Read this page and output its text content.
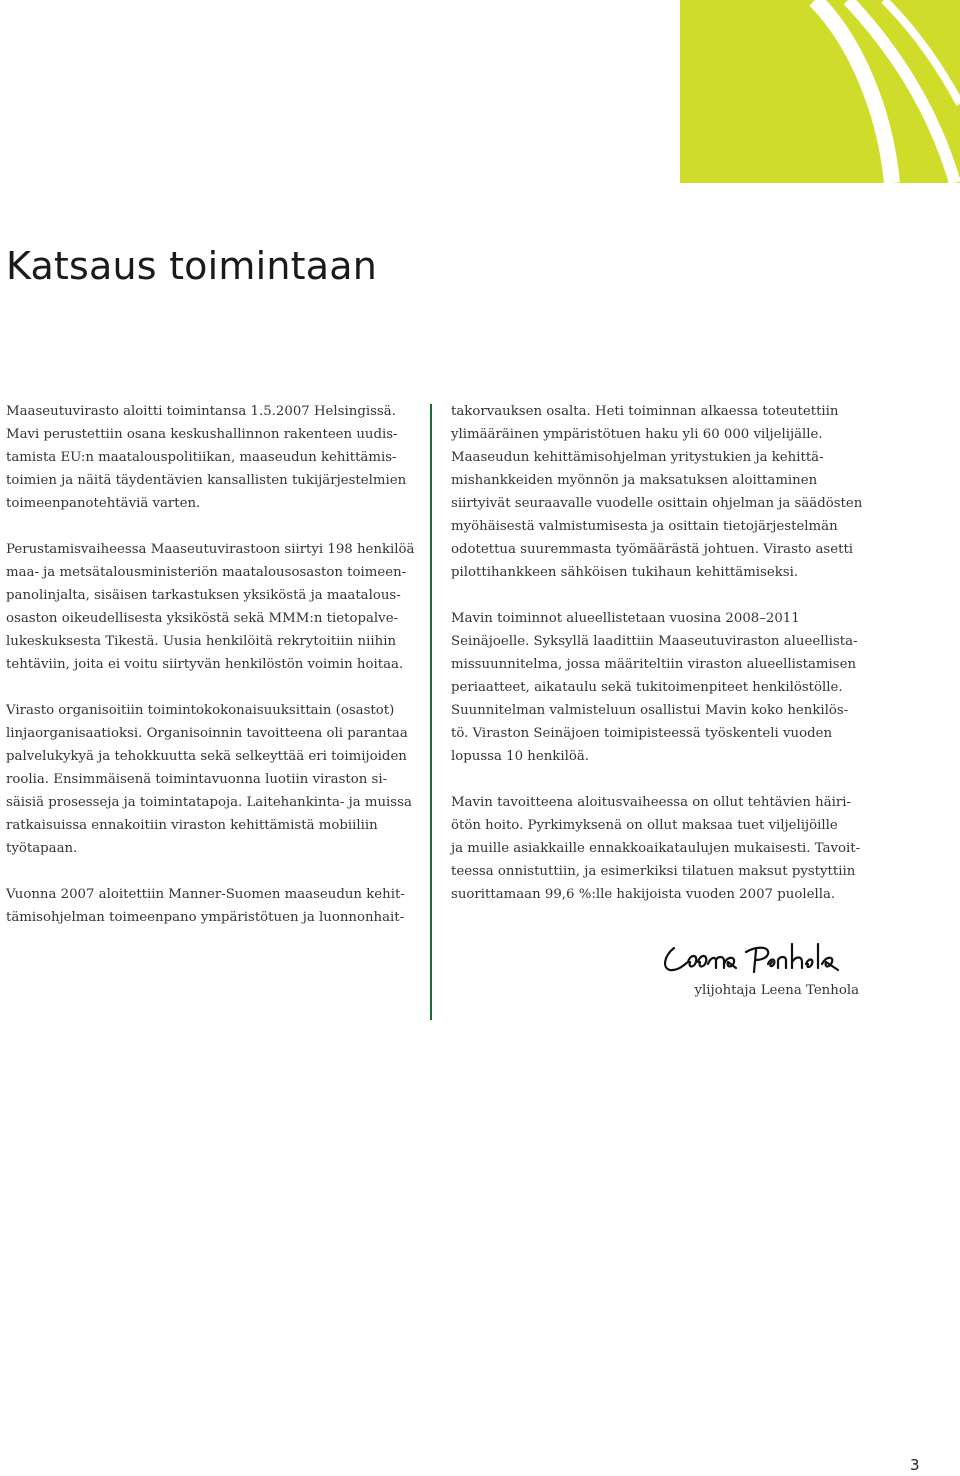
Katsaus toimintaan

Maaseutuvirasto aloitti toimintansa 1.5.2007 Helsingissä.
Mavi perustettiin osana keskushallinnon rakenteen uudis-
tamista EU:n maatalouspolitiikan, maaseudun kehittämis-
toimien ja näitä täydentävien kansallisten tukijärjestelmien
toimeenpanotehtäviä varten.

Perustamisvaiheessa Maaseutuvirastoon siirtyi 198 henkilöä
maa- ja metsätalousministeriön maatalousosaston toimeen-
panolinjalta, sisäisen tarkastuksen yksiköstä ja maatalous-
osaston oikeudellisesta yksiköstä sekä MMM:n tietopalve-
lukeskuksesta Tikestä. Uusia henkilöitä rekrytoitiin niihin
tehtäviin, joita ei voitu siirtyvän henkilöstön voimin hoitaa.

Virasto organisoitiin toimintokokonaisuuksittain (osastot)
linjaorganisaatioksi. Organisoinnin tavoitteena oli parantaa
palvelukykyä ja tehokkuutta sekä selkeyttää eri toimijoiden
roolia. Ensimmäisenä toimintavuonna luotiin viraston si-
säisiä prosesseja ja toimintatapoja. Laitehankinta- ja muissa
ratkaisuissa ennakoitiin viraston kehittämistä mobiiliin
työtapaan.

Vuonna 2007 aloitettiin Manner-Suomen maaseudun kehit-
tämisohjelman toimeenpano ympäristötuen ja luonnonhait-

takorvauksen osalta. Heti toiminnan alkaessa toteutettiin
ylimääräinen ympäristötuen haku yli 60 000 viljelijälle.
Maaseudun kehittämisohjelman yritystukien ja kehittä-
mishankkeiden myönnön ja maksatuksen aloittaminen
siirtyivät seuraavalle vuodelle osittain ohjelman ja säädösten
myöhäisestä valmistumisesta ja osittain tietojärjestelmän
odotettua suuremmasta työmäärästä johtuen. Virasto asetti
pilottihankkeen sähköisen tukihaun kehittämiseksi.

Mavin toiminnot alueellistetaan vuosina 2008–2011
Seinäjoelle. Syksyllä laadittiin Maaseutuviraston alueellista-
missuunnitelma, jossa määriteltiin viraston alueellistamisen
periaatteet, aikataulu sekä tukitoimenpiteet henkilöstölle.
Suunnitelman valmisteluun osallistui Mavin koko henkilös-
tö. Viraston Seinäjoen toimipisteessä työskenteli vuoden
lopussa 10 henkilöä.

Mavin tavoitteena aloitusvaiheessa on ollut tehtävien häiri-
ötön hoito. Pyrkimyksenä on ollut maksaa tuet viljelijöille
ja muille asiakkaille ennakkoaikataulujen mukaisesti. Tavoit-
teessa onnistuttiin, ja esimerkiksi tilatuen maksut pystyttiin
suorittamaan 99,6 %:lle hakijoista vuoden 2007 puolella.

ylijohtaja Leena Tenhola
3
